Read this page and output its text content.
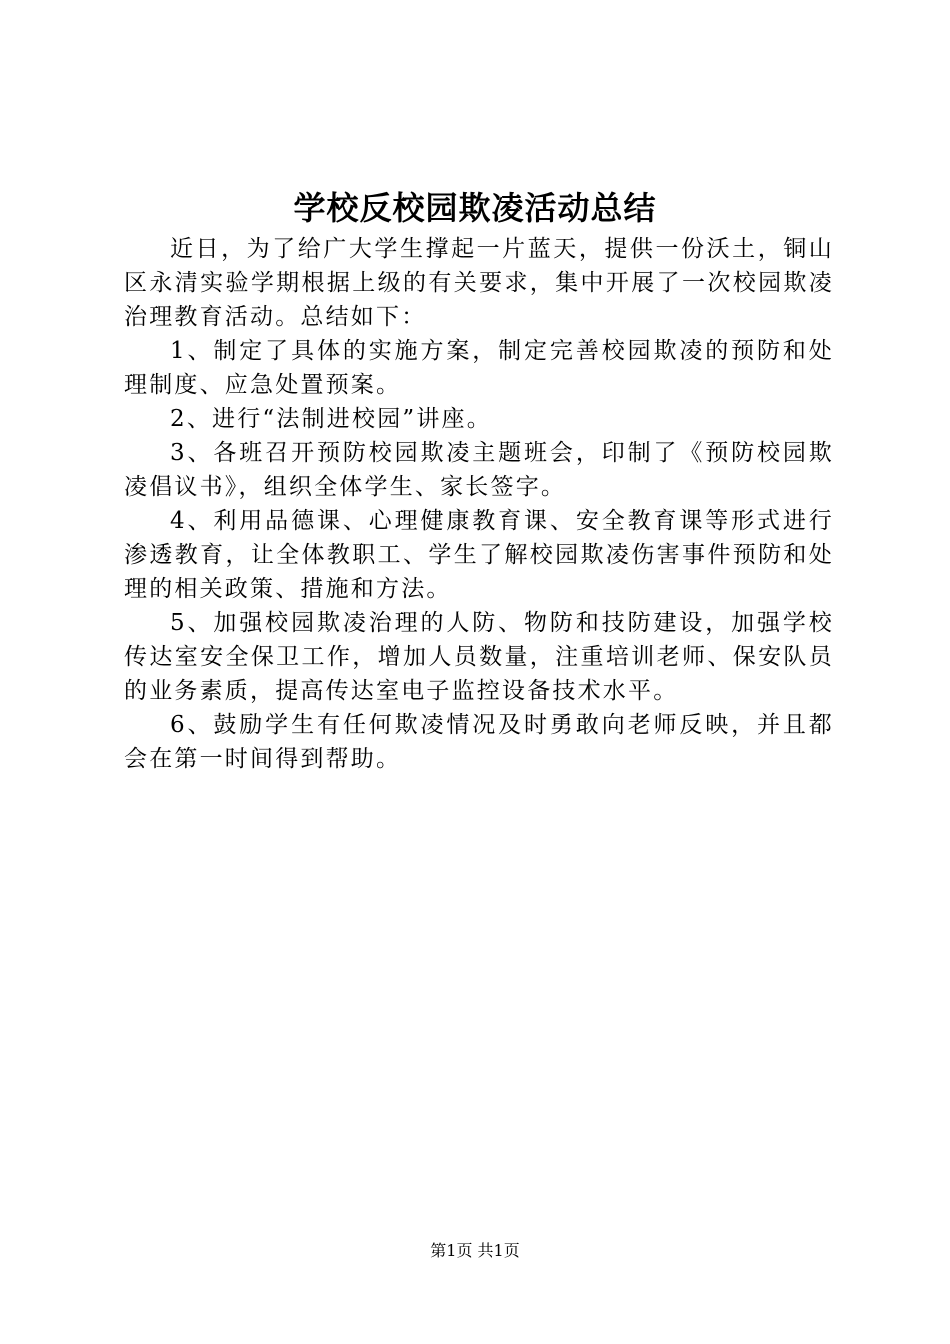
学校反校园欺凌活动总结

近日，为了给广大学生撑起一片蓝天，提供一份沃土，铜山区永清实验学期根据上级的有关要求，集中开展了一次校园欺凌治理教育活动。总结如下：

1、制定了具体的实施方案，制定完善校园欺凌的预防和处理制度、应急处置预案。

2、进行“法制进校园”讲座。

3、各班召开预防校园欺凌主题班会，印制了《预防校园欺凌倡议书》，组织全体学生、家长签字。

4、利用品德课、心理健康教育课、安全教育课等形式进行渗透教育，让全体教职工、学生了解校园欺凌伤害事件预防和处理的相关政策、措施和方法。

5、加强校园欺凌治理的人防、物防和技防建设，加强学校传达室安全保卫工作，增加人员数量，注重培训老师、保安队员的业务素质，提高传达室电子监控设备技术水平。

6、鼓励学生有任何欺凌情况及时勇敢向老师反映，并且都会在第一时间得到帮助。

第1页 共1页
